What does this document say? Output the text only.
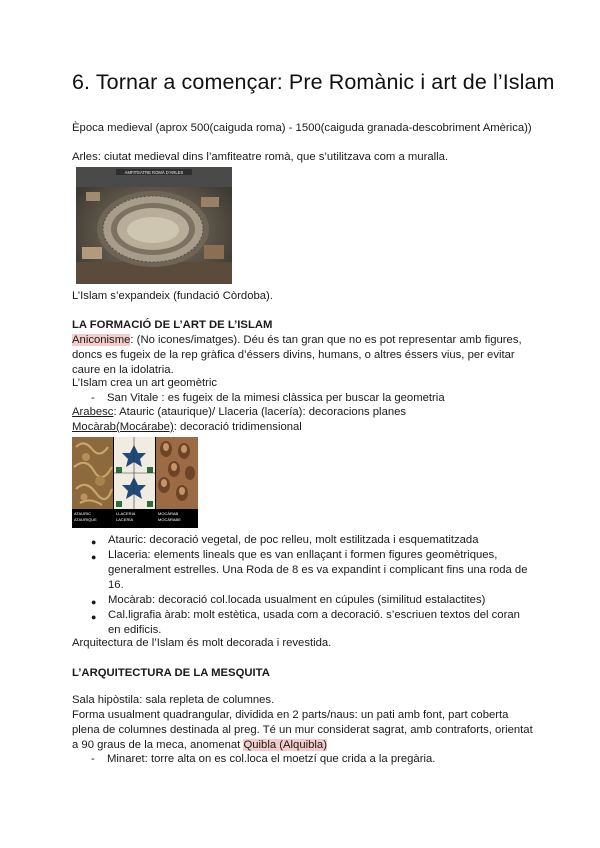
6. Tornar a començar: Pre Romànic i art de l’Islam
Època medieval (aprox 500(caiguda roma) - 1500(caiguda granada-descobriment Amèrica))
Arles: ciutat medieval dins l’amfiteatre romà, que s’utilitzava com a muralla.
AMFITEATRE ROMÀ D'ARLES
L’Islam s’expandeix (fundació Còrdoba).
LA FORMACIÓ DE L’ART DE L’ISLAM
Aniconisme: (No icones/imatges). Déu és tan gran que no es pot representar amb figures,
doncs es fugeix de la rep gràfica d’éssers divins, humans, o altres éssers vius, per evitar
caure en la idolatria.
L’Islam crea un art geomètric
- San Vitale : es fugeix de la mimesi clàssica per buscar la geometria
Arabesc: Atauric (ataurique)/ Llaceria (lacería): decoracions planes
Mocàrab(Mocárabe): decoració tridimensional
ATAURIC	LLACERIA	MOCÀRAB
ATAURIQUE	LACERÍA	MOCÁRABE
● Atauric: decoració vegetal, de poc relleu, molt estilitzada i esquematitzada
● Llaceria: elements lineals que es van enllaçant i formen figures geomètriques,
generalment estrelles. Una Roda de 8 es va expandint i complicant fins una roda de
16.
● Mocàrab: decoració col.locada usualment en cúpules (similitud estalactites)
● Cal.ligrafia àrab: molt estètica, usada com a decoració. s’escriuen textos del coran
en edificis.
Arquitectura de l’Islam és molt decorada i revestida.
L’ARQUITECTURA DE LA MESQUITA
Sala hipòstila: sala repleta de columnes.
Forma usualment quadrangular, dividida en 2 parts/naus: un pati amb font, part coberta
plena de columnes destinada al preg. Té un mur considerat sagrat, amb contraforts, orientat
a 90 graus de la meca, anomenat Quibla (Alquibla)
- Minaret: torre alta on es col.loca el moetzí que crida a la pregària.
